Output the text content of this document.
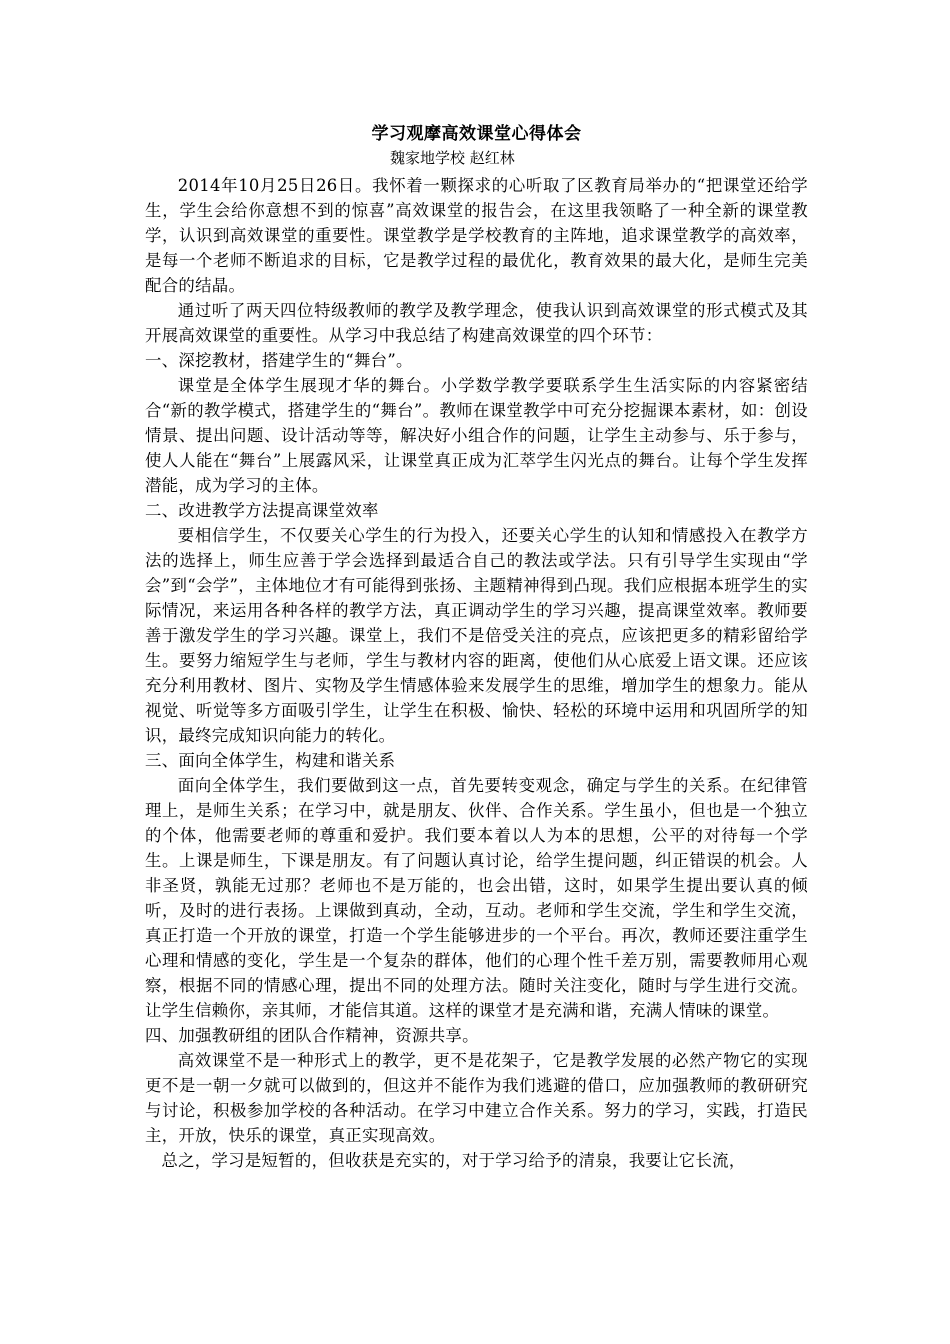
学习观摩高效课堂心得体会
魏家地学校 赵红林

2014年10月25日26日。我怀着一颗探求的心听取了区教育局举办的“把课堂还给学生，学生会给你意想不到的惊喜”高效课堂的报告会，在这里我领略了一种全新的课堂教学，认识到高效课堂的重要性。课堂教学是学校教育的主阵地，追求课堂教学的高效率，是每一个老师不断追求的目标，它是教学过程的最优化，教育效果的最大化，是师生完美配合的结晶。

通过听了两天四位特级教师的教学及教学理念，使我认识到高效课堂的形式模式及其开展高效课堂的重要性。从学习中我总结了构建高效课堂的四个环节：

一、深挖教材，搭建学生的“舞台”。

课堂是全体学生展现才华的舞台。小学数学教学要联系学生生活实际的内容紧密结合“新的教学模式，搭建学生的“舞台”。教师在课堂教学中可充分挖掘课本素材，如：创设情景、提出问题、设计活动等等，解决好小组合作的问题，让学生主动参与、乐于参与，使人人能在“舞台”上展露风采，让课堂真正成为汇萃学生闪光点的舞台。让每个学生发挥潜能，成为学习的主体。

二、改进教学方法提高课堂效率

要相信学生，不仅要关心学生的行为投入，还要关心学生的认知和情感投入在教学方法的选择上，师生应善于学会选择到最适合自己的教法或学法。只有引导学生实现由“学会”到“会学”，主体地位才有可能得到张扬、主题精神得到凸现。我们应根据本班学生的实际情况，来运用各种各样的教学方法，真正调动学生的学习兴趣，提高课堂效率。教师要善于激发学生的学习兴趣。课堂上，我们不是倍受关注的亮点，应该把更多的精彩留给学生。要努力缩短学生与老师，学生与教材内容的距离，使他们从心底爱上语文课。还应该充分利用教材、图片、实物及学生情感体验来发展学生的思维，增加学生的想象力。能从视觉、听觉等多方面吸引学生，让学生在积极、愉快、轻松的环境中运用和巩固所学的知识，最终完成知识向能力的转化。

三、面向全体学生，构建和谐关系

面向全体学生，我们要做到这一点，首先要转变观念，确定与学生的关系。在纪律管理上，是师生关系；在学习中，就是朋友、伙伴、合作关系。学生虽小，但也是一个独立的个体，他需要老师的尊重和爱护。我们要本着以人为本的思想，公平的对待每一个学生。上课是师生，下课是朋友。有了问题认真讨论，给学生提问题，纠正错误的机会。人非圣贤，孰能无过那？老师也不是万能的，也会出错，这时，如果学生提出要认真的倾听，及时的进行表扬。上课做到真动，全动，互动。老师和学生交流，学生和学生交流，真正打造一个开放的课堂，打造一个学生能够进步的一个平台。再次，教师还要注重学生心理和情感的变化，学生是一个复杂的群体，他们的心理个性千差万别，需要教师用心观察，根据不同的情感心理，提出不同的处理方法。随时关注变化，随时与学生进行交流。让学生信赖你，亲其师，才能信其道。这样的课堂才是充满和谐，充满人情味的课堂。

四、加强教研组的团队合作精神，资源共享。

高效课堂不是一种形式上的教学，更不是花架子，它是教学发展的必然产物它的实现更不是一朝一夕就可以做到的，但这并不能作为我们逃避的借口，应加强教师的教研研究与讨论，积极参加学校的各种活动。在学习中建立合作关系。努力的学习，实践，打造民主，开放，快乐的课堂，真正实现高效。

总之，学习是短暂的，但收获是充实的，对于学习给予的清泉，我要让它长流，
